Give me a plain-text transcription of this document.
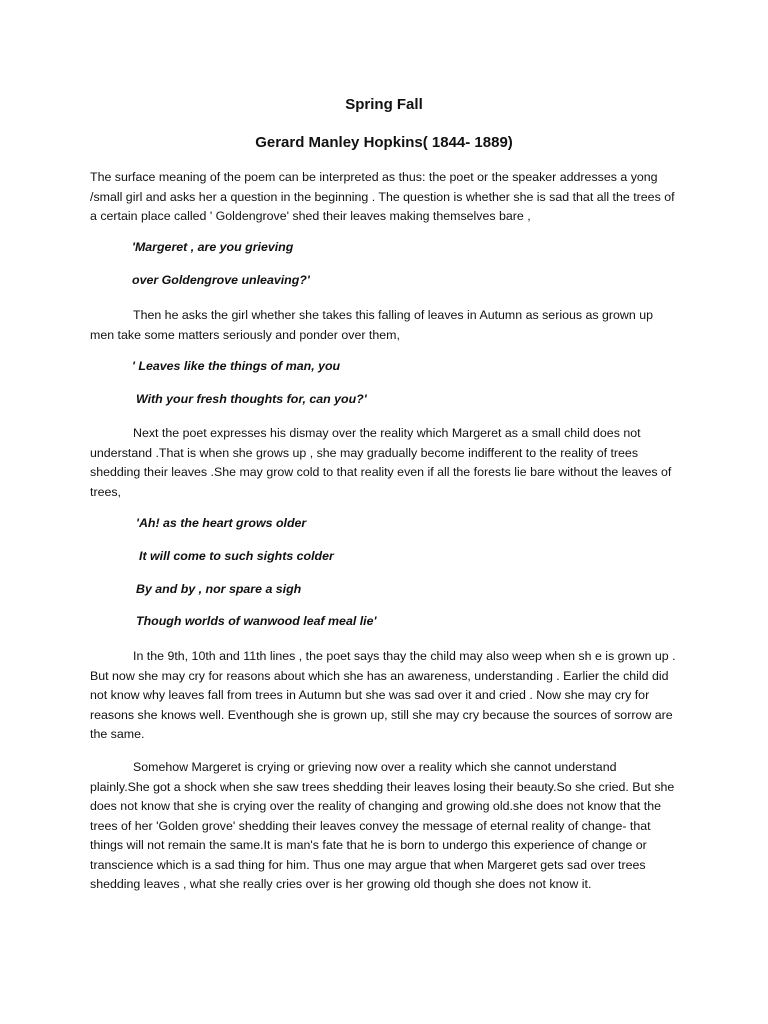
Spring Fall
Gerard Manley Hopkins( 1844- 1889)

The surface meaning of the poem can be interpreted as thus: the poet or the speaker addresses a yong /small girl and asks her a question in the beginning . The question is whether she is sad that all the trees of a certain place called ' Goldengrove' shed their leaves making themselves bare ,

'Margeret , are you grieving

over Goldengrove unleaving?'

Then he asks the girl whether she takes this falling of leaves in Autumn as serious as grown up men take some matters seriously and ponder over them,

' Leaves like the things of man, you

With your fresh thoughts for, can you?'

Next the poet expresses his dismay over the reality which Margeret as a small child does not understand .That is when she grows up , she may gradually become indifferent to the reality of trees shedding their leaves .She may grow cold to that reality even if all the forests lie bare without the leaves of trees,

'Ah! as the heart grows older

It will come to such sights colder

By and by , nor spare a sigh

Though worlds of wanwood leaf meal lie'

In the 9th, 10th and 11th lines , the poet says thay the child may also weep when sh e is grown up . But now she may cry for reasons about which she has an awareness, understanding . Earlier the child did not know why leaves fall from trees in Autumn but she was sad over it and cried . Now she may cry for reasons she knows well. Eventhough she is grown up, still she may cry because the sources of sorrow are the same.

Somehow Margeret is crying or grieving now over a reality which she cannot understand plainly.She got a shock when she saw trees shedding their leaves losing their beauty.So she cried. But she does not know that she is crying over the reality of changing and growing old.she does not know that the trees of her 'Golden grove' shedding their leaves convey the message of eternal reality of change- that things will not remain the same.It is man's fate that he is born to undergo this experience of change or transcience which is a sad thing for him. Thus one may argue that when Margeret gets sad over trees shedding leaves , what she really cries over is her growing old though she does not know it.
